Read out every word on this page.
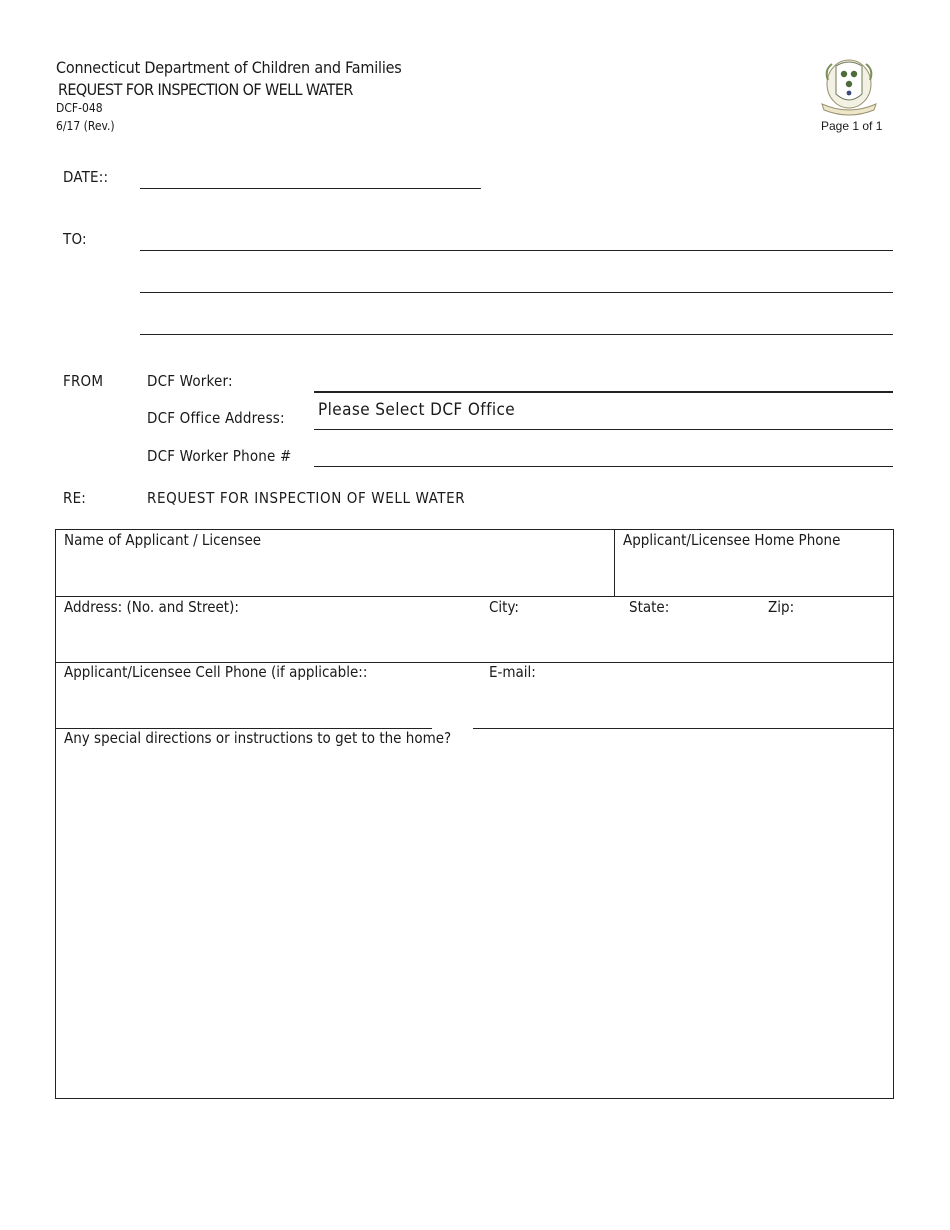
Connecticut Department of Children and Families
REQUEST FOR INSPECTION OF WELL WATER
DCF-048
6/17 (Rev.)	Page 1 of 1
DATE::
TO:
FROM	DCF Worker:
DCF Office Address: Please Select DCF Office
DCF Worker Phone #
RE:	REQUEST FOR INSPECTION OF WELL WATER
Name of Applicant / Licensee	Applicant/Licensee Home Phone
Address: (No. and Street):	City:	State:	Zip:
Applicant/Licensee Cell Phone (if applicable::	E-mail:
Any special directions or instructions to get to the home?
